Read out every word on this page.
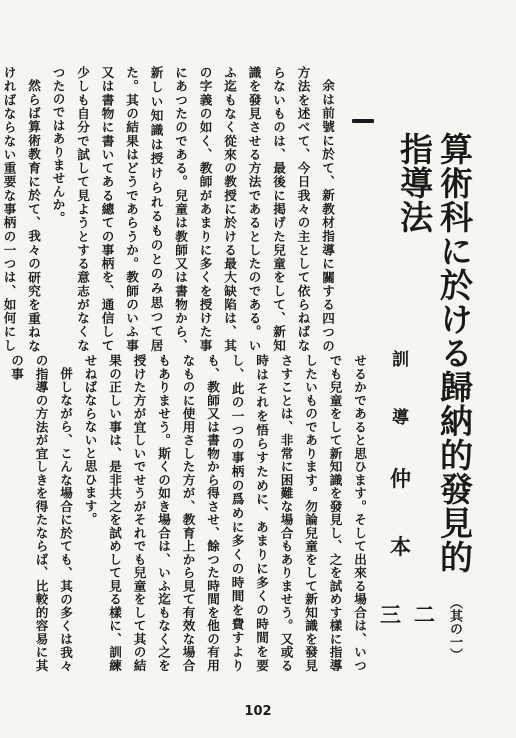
算術科に於ける歸納的發見的指導法
（其の一）
訓
導
仲
本
三 二

余は前號に於て、新教材指導に關する四つの方法を述べて、今日我々の主として依らねばならないものは、最後に掲げた兒童をして、新知識を發見させる方法であるとしたのである。いふ迄もなく從來の教授に於ける最大缺陷は、其の字義の如く、教師があまりに多くを授けた事にあつたのである。兒童は教師又は書物から、新しい知識は授けられるものとのみ思つて居た。其の結果はどうであらうか。教師のいふ事又は書物に書いてある總ての事柄を、通信して少しも自分で試して見ようとする意志がなくなつたのではありませんか。

然らば算術教育に於て、我々の研究を重ねなければならない重要な事柄の一つは、如何にし

せるかであると思ひます。そして出來る場合は、いつでも兒童をして新知識を發見し、之を試めす樣に指導したいものであります。勿論兒童をして新知識を發見さすことは、非常に困難な場合もありませう。又或る時はそれを悟らすために、あまりに多くの時間を要し、此の一つの事柄の爲めに多くの時間を費すよりも、教師又は書物から得させ、餘つた時間を他の有用なものに使用さした方が、教育上から見て有效な場合もありませう。斯くの如き場合は、いふ迄もなく之を授けた方が宜しいでせうがそれでも兒童をして其の結果の正しい事は、是非共之を試めして見る樣に、訓練せねばならないと思ひます。

併しながら、こんな場合に於ても、其の多くは我々の指導の方法が宜しきを得たならば、比較的容易に其の事

102
